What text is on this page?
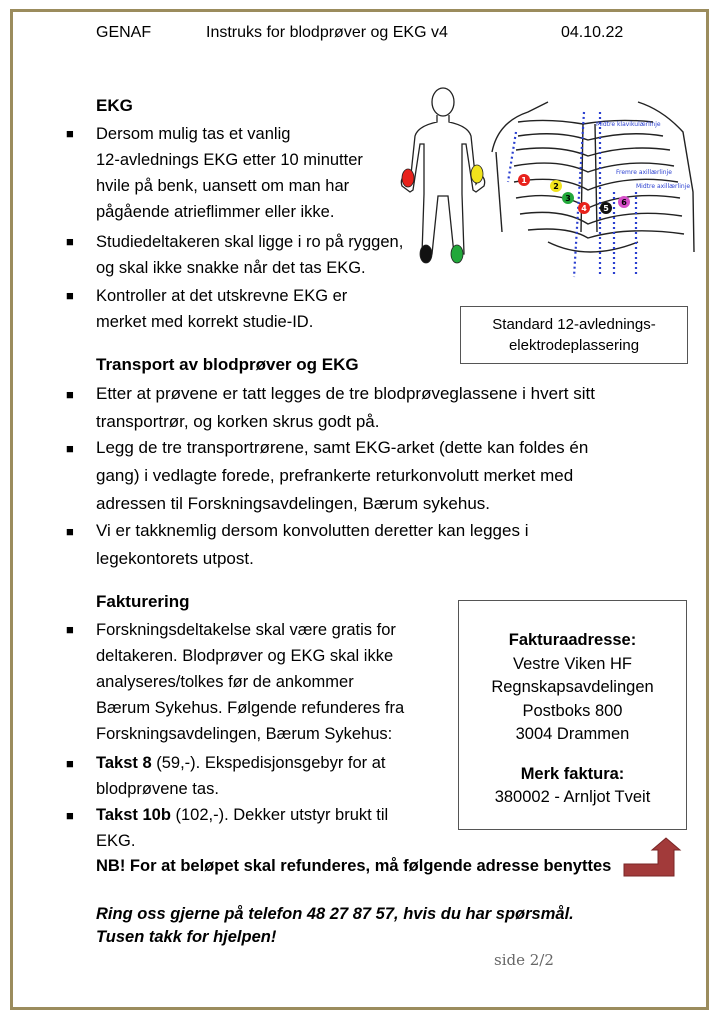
GENAF	Instruks for blodprøver og EKG v4	04.10.22
EKG
■ Dersom mulig tas et vanlig
12-avlednings EKG etter 10 minutter
hvile på benk, uansett om man har
pågående atrieflimmer eller ikke.
■ Studiedeltakeren skal ligge i ro på ryggen,
og skal ikke snakke når det tas EKG.
■ Kontroller at det utskrevne EKG er
merket med korrekt studie-ID.
Midtre klavikulærlinje
Fremre axillærlinje
Midtre axillærlinje
1
2
3
4 5
6
Standard 12-avlednings-
elektrodeplassering
Transport av blodprøver og EKG
■ Etter at prøvene er tatt legges de tre blodprøveglassene i hvert sitt
transportrør, og korken skrus godt på.
■ Legg de tre transportrørene, samt EKG-arket (dette kan foldes én
gang) i vedlagte forede, prefrankerte returkonvolutt merket med
adressen til Forskningsavdelingen, Bærum sykehus.
■ Vi er takknemlig dersom konvolutten deretter kan legges i
legekontorets utpost.
Fakturering
■ Forskningsdeltakelse skal være gratis for
deltakeren. Blodprøver og EKG skal ikke
analyseres/tolkes før de ankommer
Bærum Sykehus. Følgende refunderes fra
Forskningsavdelingen, Bærum Sykehus:
■ Takst 8 (59,-). Ekspedisjonsgebyr for at
blodprøvene tas.
■ Takst 10b (102,-). Dekker utstyr brukt til
EKG.
NB! For at beløpet skal refunderes, må følgende adresse benyttes
Fakturaadresse:
Vestre Viken HF
Regnskapsavdelingen
Postboks 800
3004 Drammen
Merk faktura:
380002 - Arnljot Tveit
Ring oss gjerne på telefon 48 27 87 57, hvis du har spørsmål.
Tusen takk for hjelpen!
side 2/2
